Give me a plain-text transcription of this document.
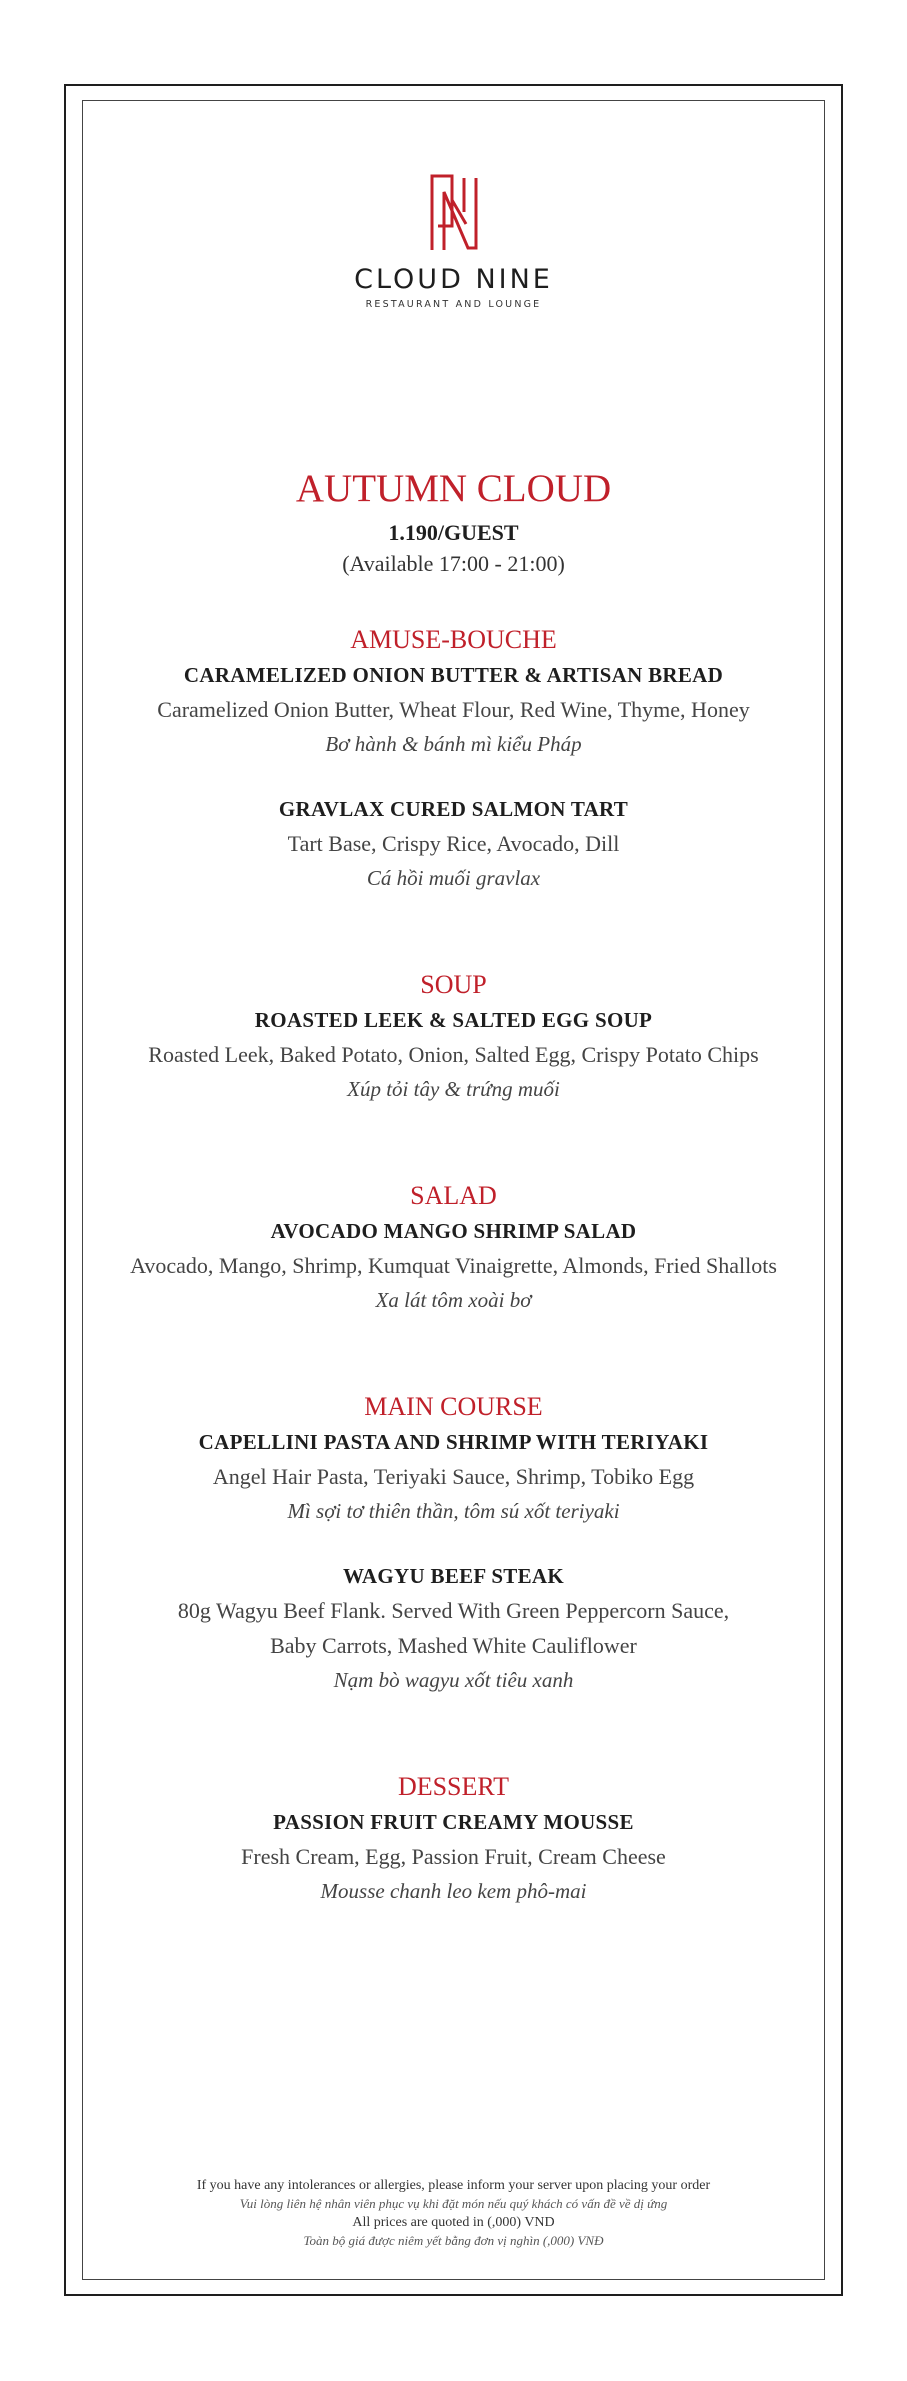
CLOUD NINE
RESTAURANT AND LOUNGE
AUTUMN CLOUD
1.190/GUEST
(Available 17:00 - 21:00)
AMUSE-BOUCHE
CARAMELIZED ONION BUTTER & ARTISAN BREAD
Caramelized Onion Butter, Wheat Flour, Red Wine, Thyme, Honey
Bơ hành & bánh mì kiểu Pháp
GRAVLAX CURED SALMON TART
Tart Base, Crispy Rice, Avocado, Dill
Cá hồi muối gravlax
SOUP
ROASTED LEEK & SALTED EGG SOUP
Roasted Leek, Baked Potato, Onion, Salted Egg, Crispy Potato Chips
Xúp tỏi tây & trứng muối
SALAD
AVOCADO MANGO SHRIMP SALAD
Avocado, Mango, Shrimp, Kumquat Vinaigrette, Almonds, Fried Shallots
Xa lát tôm xoài bơ
MAIN COURSE
CAPELLINI PASTA AND SHRIMP WITH TERIYAKI
Angel Hair Pasta, Teriyaki Sauce, Shrimp, Tobiko Egg
Mì sợi tơ thiên thần, tôm sú xốt teriyaki
WAGYU BEEF STEAK
80g Wagyu Beef Flank. Served With Green Peppercorn Sauce,
Baby Carrots, Mashed White Cauliflower
Nạm bò wagyu xốt tiêu xanh
DESSERT
PASSION FRUIT CREAMY MOUSSE
Fresh Cream, Egg, Passion Fruit, Cream Cheese
Mousse chanh leo kem phô-mai
If you have any intolerances or allergies, please inform your server upon placing your order
Vui lòng liên hệ nhân viên phục vụ khi đặt món nếu quý khách có vấn đề về dị ứng
All prices are quoted in (,000) VND
Toàn bộ giá được niêm yết bằng đơn vị nghìn (,000) VNĐ
